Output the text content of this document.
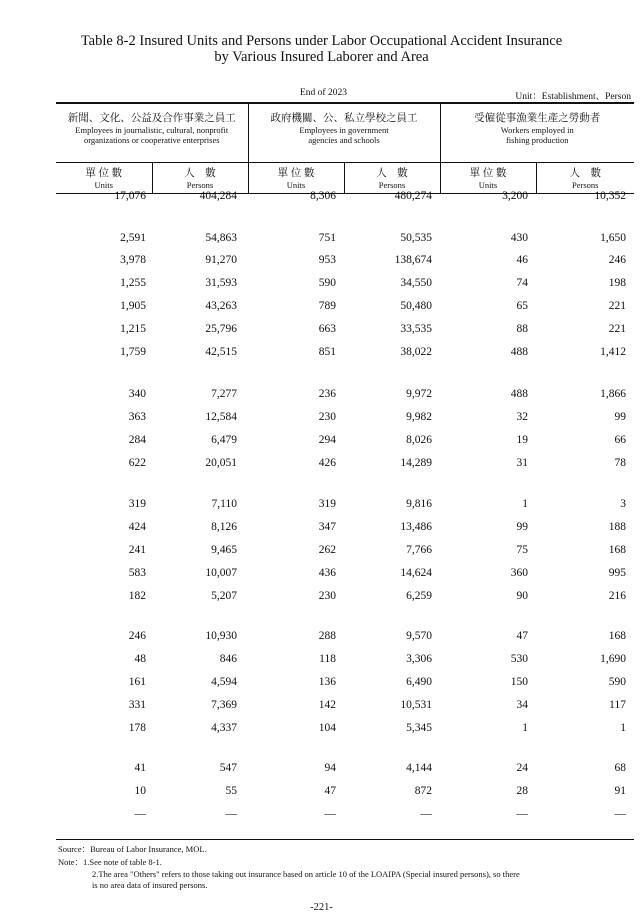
Table 8-2 Insured Units and Persons under Labor Occupational Accident Insurance
by Various Insured Laborer and Area
End of 2023	Unit：Establishment、Person
新聞、文化、公益及合作事業之員工
Employees in journalistic, cultural, nonprofit
organizations or cooperative enterprises		政府機關、公、私立學校之員工
Employees in government
agencies and schools		受僱從事漁業生產之勞動者
Workers employed in
fishing production	

單 位 數
Units	人　數
Persons	單 位 數
Units	人　數
Persons	單 位 數
Units	人　數
Persons
17,076	404,284	8,306	480,274	3,200	10,352
2,591	54,863	751	50,535	430	1,650
3,978	91,270	953	138,674	46	246
1,255	31,593	590	34,550	74	198
1,905	43,263	789	50,480	65	221
1,215	25,796	663	33,535	88	221
1,759	42,515	851	38,022	488	1,412
340	7,277	236	9,972	488	1,866
363	12,584	230	9,982	32	99
284	6,479	294	8,026	19	66
622	20,051	426	14,289	31	78
319	7,110	319	9,816	1	3
424	8,126	347	13,486	99	188
241	9,465	262	7,766	75	168
583	10,007	436	14,624	360	995
182	5,207	230	6,259	90	216
246	10,930	288	9,570	47	168
48	846	118	3,306	530	1,690
161	4,594	136	6,490	150	590
331	7,369	142	10,531	34	117
178	4,337	104	5,345	1	1
41	547	94	4,144	24	68
10	55	47	872	28	91
—	—	—	—	—	—
Source：Bureau of Labor Insurance, MOL.
Note：1.See note of table 8-1.
2.The area "Others" refers to those taking out insurance based on article 10 of the LOAIPA (Special insured persons), so there
is no area data of insured persons.
-221-
